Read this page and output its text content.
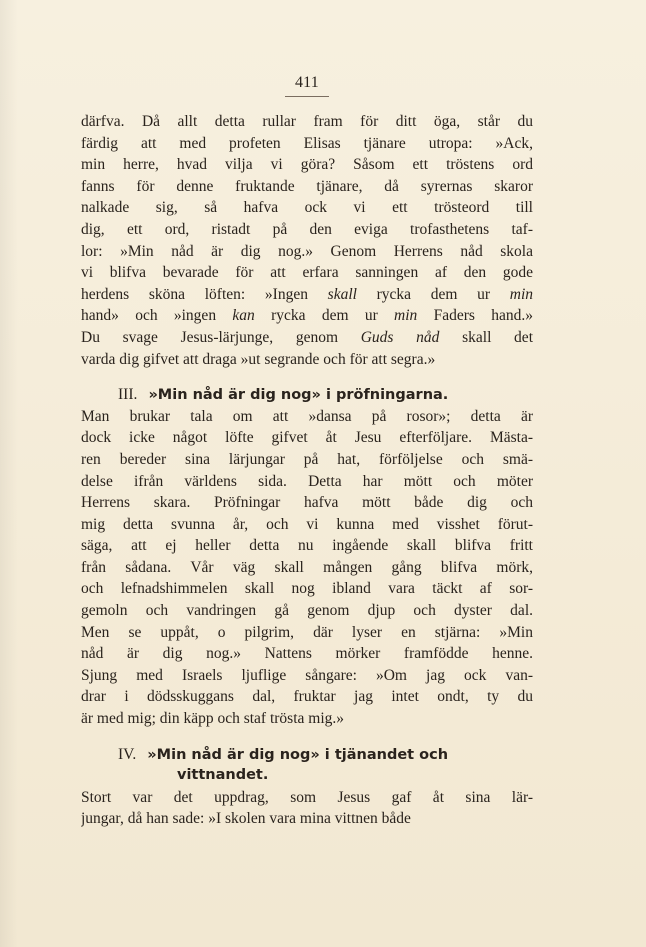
411
därfva. Då allt detta rullar fram för ditt öga, står du
färdig att med profeten Elisas tjänare utropa: »Ack,
min herre, hvad vilja vi göra? Såsom ett tröstens ord
fanns för denne fruktande tjänare, då syrernas skaror
nalkade sig, så hafva ock vi ett trösteord till
dig, ett ord, ristadt på den eviga trofasthetens taf-
lor: »Min nåd är dig nog.» Genom Herrens nåd skola
vi blifva bevarade för att erfara sanningen af den gode
herdens sköna löften: »Ingen skall rycka dem ur min
hand» och »ingen kan rycka dem ur min Faders hand.»
Du svage Jesus-lärjunge, genom Guds nåd skall det
varda dig gifvet att draga »ut segrande och för att segra.»
III. »Min nåd är dig nog» i pröfningarna.
Man brukar tala om att »dansa på rosor»; detta är
dock icke något löfte gifvet åt Jesu efterföljare. Mästa-
ren bereder sina lärjungar på hat, förföljelse och smä-
delse ifrån världens sida. Detta har mött och möter
Herrens skara. Pröfningar hafva mött både dig och
mig detta svunna år, och vi kunna med visshet förut-
säga, att ej heller detta nu ingående skall blifva fritt
från sådana. Vår väg skall mången gång blifva mörk,
och lefnadshimmelen skall nog ibland vara täckt af sor-
gemoln och vandringen gå genom djup och dyster dal.
Men se uppåt, o pilgrim, där lyser en stjärna: »Min
nåd är dig nog.» Nattens mörker framfödde henne.
Sjung med Israels ljuflige sångare: »Om jag ock van-
drar i dödsskuggans dal, fruktar jag intet ondt, ty du
är med mig; din käpp och staf trösta mig.»
IV. »Min nåd är dig nog» i tjänandet och
vittnandet.
Stort var det uppdrag, som Jesus gaf åt sina lär-
jungar, då han sade: »I skolen vara mina vittnen både
